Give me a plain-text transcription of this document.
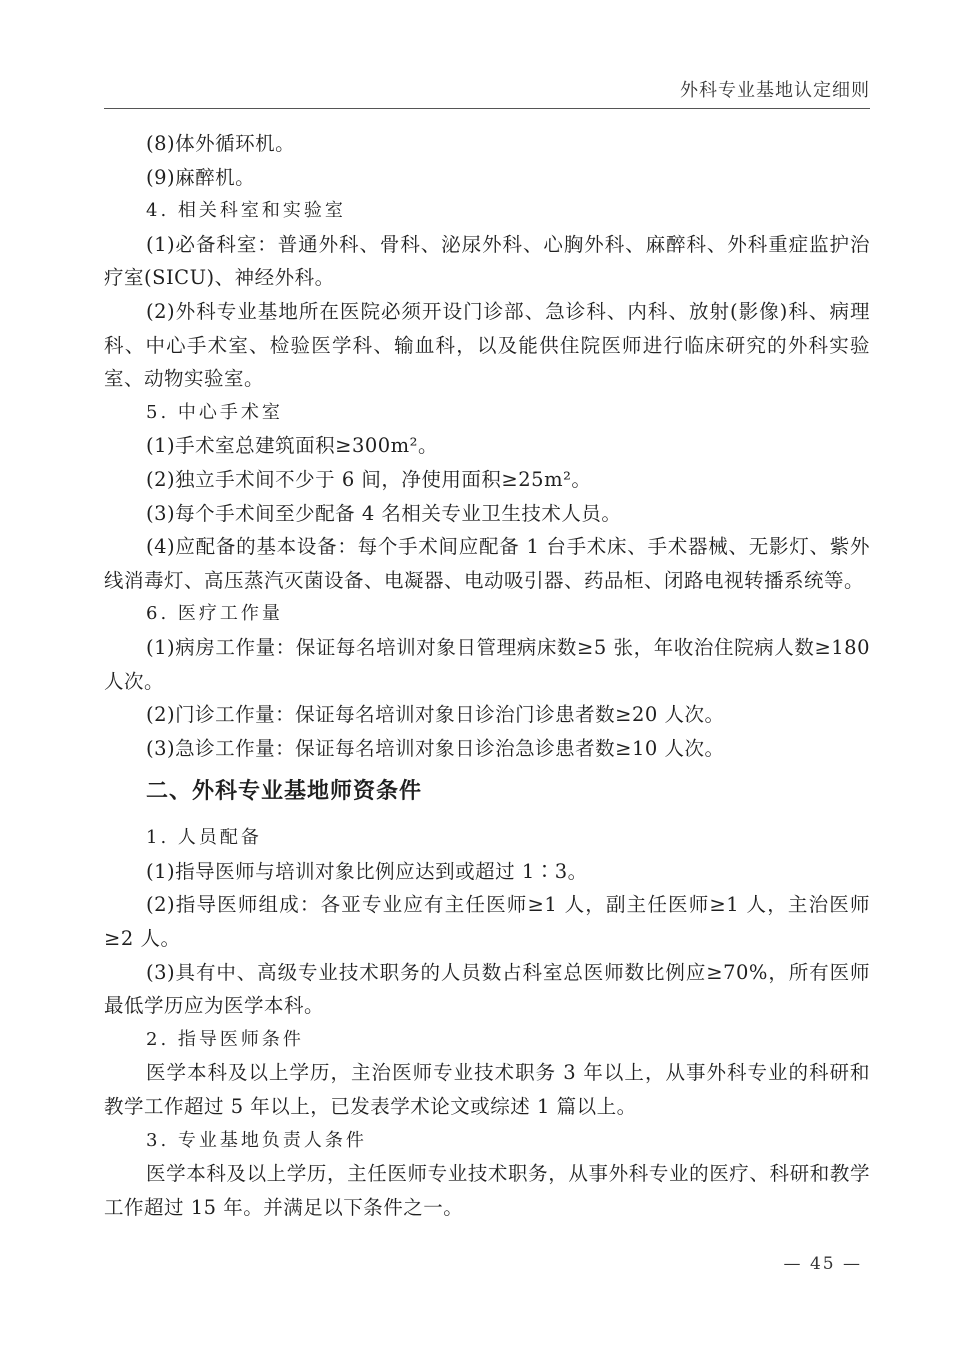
外科专业基地认定细则

(8)体外循环机。

(9)麻醉机。

4. 相关科室和实验室

(1)必备科室：普通外科、骨科、泌尿外科、心胸外科、麻醉科、外科重症监护治疗室(SICU)、神经外科。

(2)外科专业基地所在医院必须开设门诊部、急诊科、内科、放射(影像)科、病理科、中心手术室、检验医学科、输血科，以及能供住院医师进行临床研究的外科实验室、动物实验室。

5. 中心手术室

(1)手术室总建筑面积≥300m²。

(2)独立手术间不少于 6 间，净使用面积≥25m²。

(3)每个手术间至少配备 4 名相关专业卫生技术人员。

(4)应配备的基本设备：每个手术间应配备 1 台手术床、手术器械、无影灯、紫外线消毒灯、高压蒸汽灭菌设备、电凝器、电动吸引器、药品柜、闭路电视转播系统等。

6. 医疗工作量

(1)病房工作量：保证每名培训对象日管理病床数≥5 张，年收治住院病人数≥180 人次。

(2)门诊工作量：保证每名培训对象日诊治门诊患者数≥20 人次。

(3)急诊工作量：保证每名培训对象日诊治急诊患者数≥10 人次。

二、外科专业基地师资条件

1. 人员配备

(1)指导医师与培训对象比例应达到或超过 1∶3。

(2)指导医师组成：各亚专业应有主任医师≥1 人，副主任医师≥1 人，主治医师≥2 人。

(3)具有中、高级专业技术职务的人员数占科室总医师数比例应≥70%，所有医师最低学历应为医学本科。

2. 指导医师条件

医学本科及以上学历，主治医师专业技术职务 3 年以上，从事外科专业的科研和教学工作超过 5 年以上，已发表学术论文或综述 1 篇以上。

3. 专业基地负责人条件

医学本科及以上学历，主任医师专业技术职务，从事外科专业的医疗、科研和教学工作超过 15 年。并满足以下条件之一。

— 45 —
